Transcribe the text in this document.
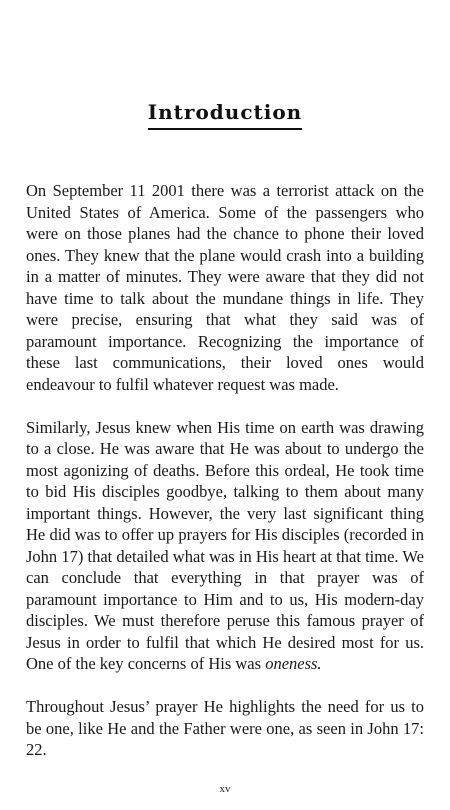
Introduction

On September 11 2001 there was a terrorist attack on the United States of America. Some of the passengers who were on those planes had the chance to phone their loved ones. They knew that the plane would crash into a building in a matter of minutes. They were aware that they did not have time to talk about the mundane things in life. They were precise, ensuring that what they said was of paramount importance. Recognizing the importance of these last communications, their loved ones would endeavour to fulfil whatever request was made.

Similarly, Jesus knew when His time on earth was drawing to a close. He was aware that He was about to undergo the most agonizing of deaths. Before this ordeal, He took time to bid His disciples goodbye, talking to them about many important things. However, the very last significant thing He did was to offer up prayers for His disciples (recorded in John 17) that detailed what was in His heart at that time. We can conclude that everything in that prayer was of paramount importance to Him and to us, His modern-day disciples. We must therefore peruse this famous prayer of Jesus in order to fulfil that which He desired most for us. One of the key concerns of His was oneness.

Throughout Jesus’ prayer He highlights the need for us to be one, like He and the Father were one, as seen in John 17: 22.

xv
